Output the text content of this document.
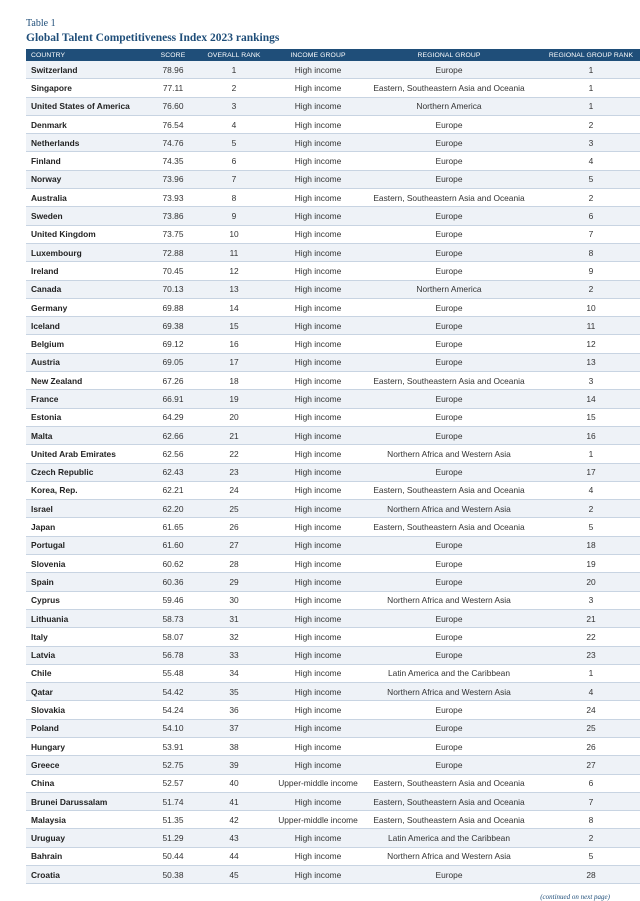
Table 1
Global Talent Competitiveness Index 2023 rankings
COUNTRY	SCORE	OVERALL RANK	INCOME GROUP	REGIONAL GROUP	REGIONAL GROUP RANK
Switzerland	78.96	1	High income	Europe	1
Singapore	77.11	2	High income	Eastern, Southeastern Asia and Oceania	1
United States of America	76.60	3	High income	Northern America	1
Denmark	76.54	4	High income	Europe	2
Netherlands	74.76	5	High income	Europe	3
Finland	74.35	6	High income	Europe	4
Norway	73.96	7	High income	Europe	5
Australia	73.93	8	High income	Eastern, Southeastern Asia and Oceania	2
Sweden	73.86	9	High income	Europe	6
United Kingdom	73.75	10	High income	Europe	7
Luxembourg	72.88	11	High income	Europe	8
Ireland	70.45	12	High income	Europe	9
Canada	70.13	13	High income	Northern America	2
Germany	69.88	14	High income	Europe	10
Iceland	69.38	15	High income	Europe	11
Belgium	69.12	16	High income	Europe	12
Austria	69.05	17	High income	Europe	13
New Zealand	67.26	18	High income	Eastern, Southeastern Asia and Oceania	3
France	66.91	19	High income	Europe	14
Estonia	64.29	20	High income	Europe	15
Malta	62.66	21	High income	Europe	16
United Arab Emirates	62.56	22	High income	Northern Africa and Western Asia	1
Czech Republic	62.43	23	High income	Europe	17
Korea, Rep.	62.21	24	High income	Eastern, Southeastern Asia and Oceania	4
Israel	62.20	25	High income	Northern Africa and Western Asia	2
Japan	61.65	26	High income	Eastern, Southeastern Asia and Oceania	5
Portugal	61.60	27	High income	Europe	18
Slovenia	60.62	28	High income	Europe	19
Spain	60.36	29	High income	Europe	20
Cyprus	59.46	30	High income	Northern Africa and Western Asia	3
Lithuania	58.73	31	High income	Europe	21
Italy	58.07	32	High income	Europe	22
Latvia	56.78	33	High income	Europe	23
Chile	55.48	34	High income	Latin America and the Caribbean	1
Qatar	54.42	35	High income	Northern Africa and Western Asia	4
Slovakia	54.24	36	High income	Europe	24
Poland	54.10	37	High income	Europe	25
Hungary	53.91	38	High income	Europe	26
Greece	52.75	39	High income	Europe	27
China	52.57	40	Upper-middle income	Eastern, Southeastern Asia and Oceania	6
Brunei Darussalam	51.74	41	High income	Eastern, Southeastern Asia and Oceania	7
Malaysia	51.35	42	Upper-middle income	Eastern, Southeastern Asia and Oceania	8
Uruguay	51.29	43	High income	Latin America and the Caribbean	2
Bahrain	50.44	44	High income	Northern Africa and Western Asia	5
Croatia	50.38	45	High income	Europe	28
(continued on next page)
